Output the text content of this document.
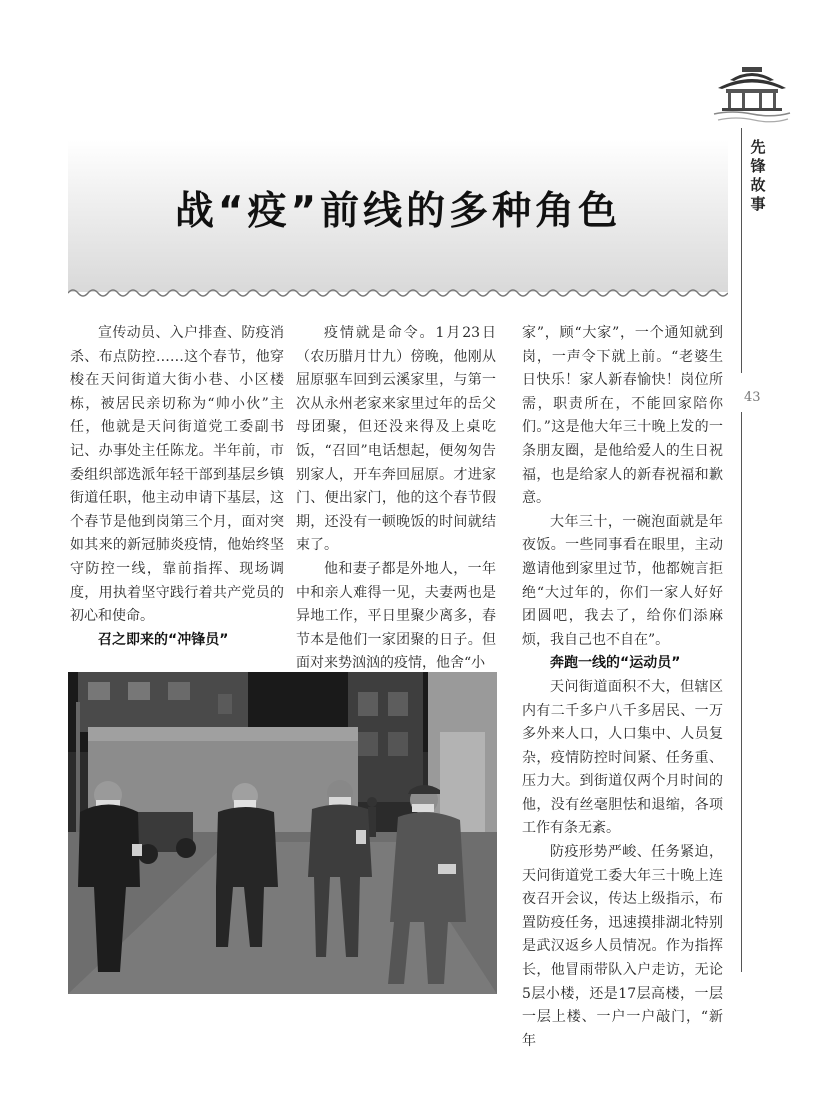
先锋故事
43
战“疫”前线的多种角色

宣传动员、入户排查、防疫消杀、布点防控……这个春节，他穿梭在天问街道大街小巷、小区楼栋，被居民亲切称为“帅小伙”主任，他就是天问街道党工委副书记、办事处主任陈龙。半年前，市委组织部选派年轻干部到基层乡镇街道任职，他主动申请下基层，这个春节是他到岗第三个月，面对突如其来的新冠肺炎疫情，他始终坚守防控一线，靠前指挥、现场调度，用执着坚守践行着共产党员的初心和使命。

召之即来的“冲锋员”

疫情就是命令。1月23日（农历腊月廿九）傍晚，他刚从屈原驱车回到云溪家里，与第一次从永州老家来家里过年的岳父母团聚，但还没来得及上桌吃饭，“召回”电话想起，便匆匆告别家人，开车奔回屈原。才进家门、便出家门，他的这个春节假期，还没有一顿晚饭的时间就结束了。

他和妻子都是外地人，一年中和亲人难得一见，夫妻两也是异地工作，平日里聚少离多，春节本是他们一家团聚的日子。但面对来势汹汹的疫情，他舍“小

家”，顾“大家”，一个通知就到岗，一声令下就上前。“老婆生日快乐！家人新春愉快！岗位所需，职责所在，不能回家陪你们。”这是他大年三十晚上发的一条朋友圈，是他给爱人的生日祝福，也是给家人的新春祝福和歉意。

大年三十，一碗泡面就是年夜饭。一些同事看在眼里，主动邀请他到家里过节，他都婉言拒绝“大过年的，你们一家人好好团圆吧，我去了，给你们添麻烦，我自己也不自在”。

奔跑一线的“运动员”

天问街道面积不大，但辖区内有二千多户八千多居民、一万多外来人口，人口集中、人员复杂，疫情防控时间紧、任务重、压力大。到街道仅两个月时间的他，没有丝毫胆怯和退缩，各项工作有条无紊。

防疫形势严峻、任务紧迫，天问街道党工委大年三十晚上连夜召开会议，传达上级指示，布置防疫任务，迅速摸排湖北特别是武汉返乡人员情况。作为指挥长，他冒雨带队入户走访，无论5层小楼，还是17层高楼，一层一层上楼、一户一户敲门，“新年
